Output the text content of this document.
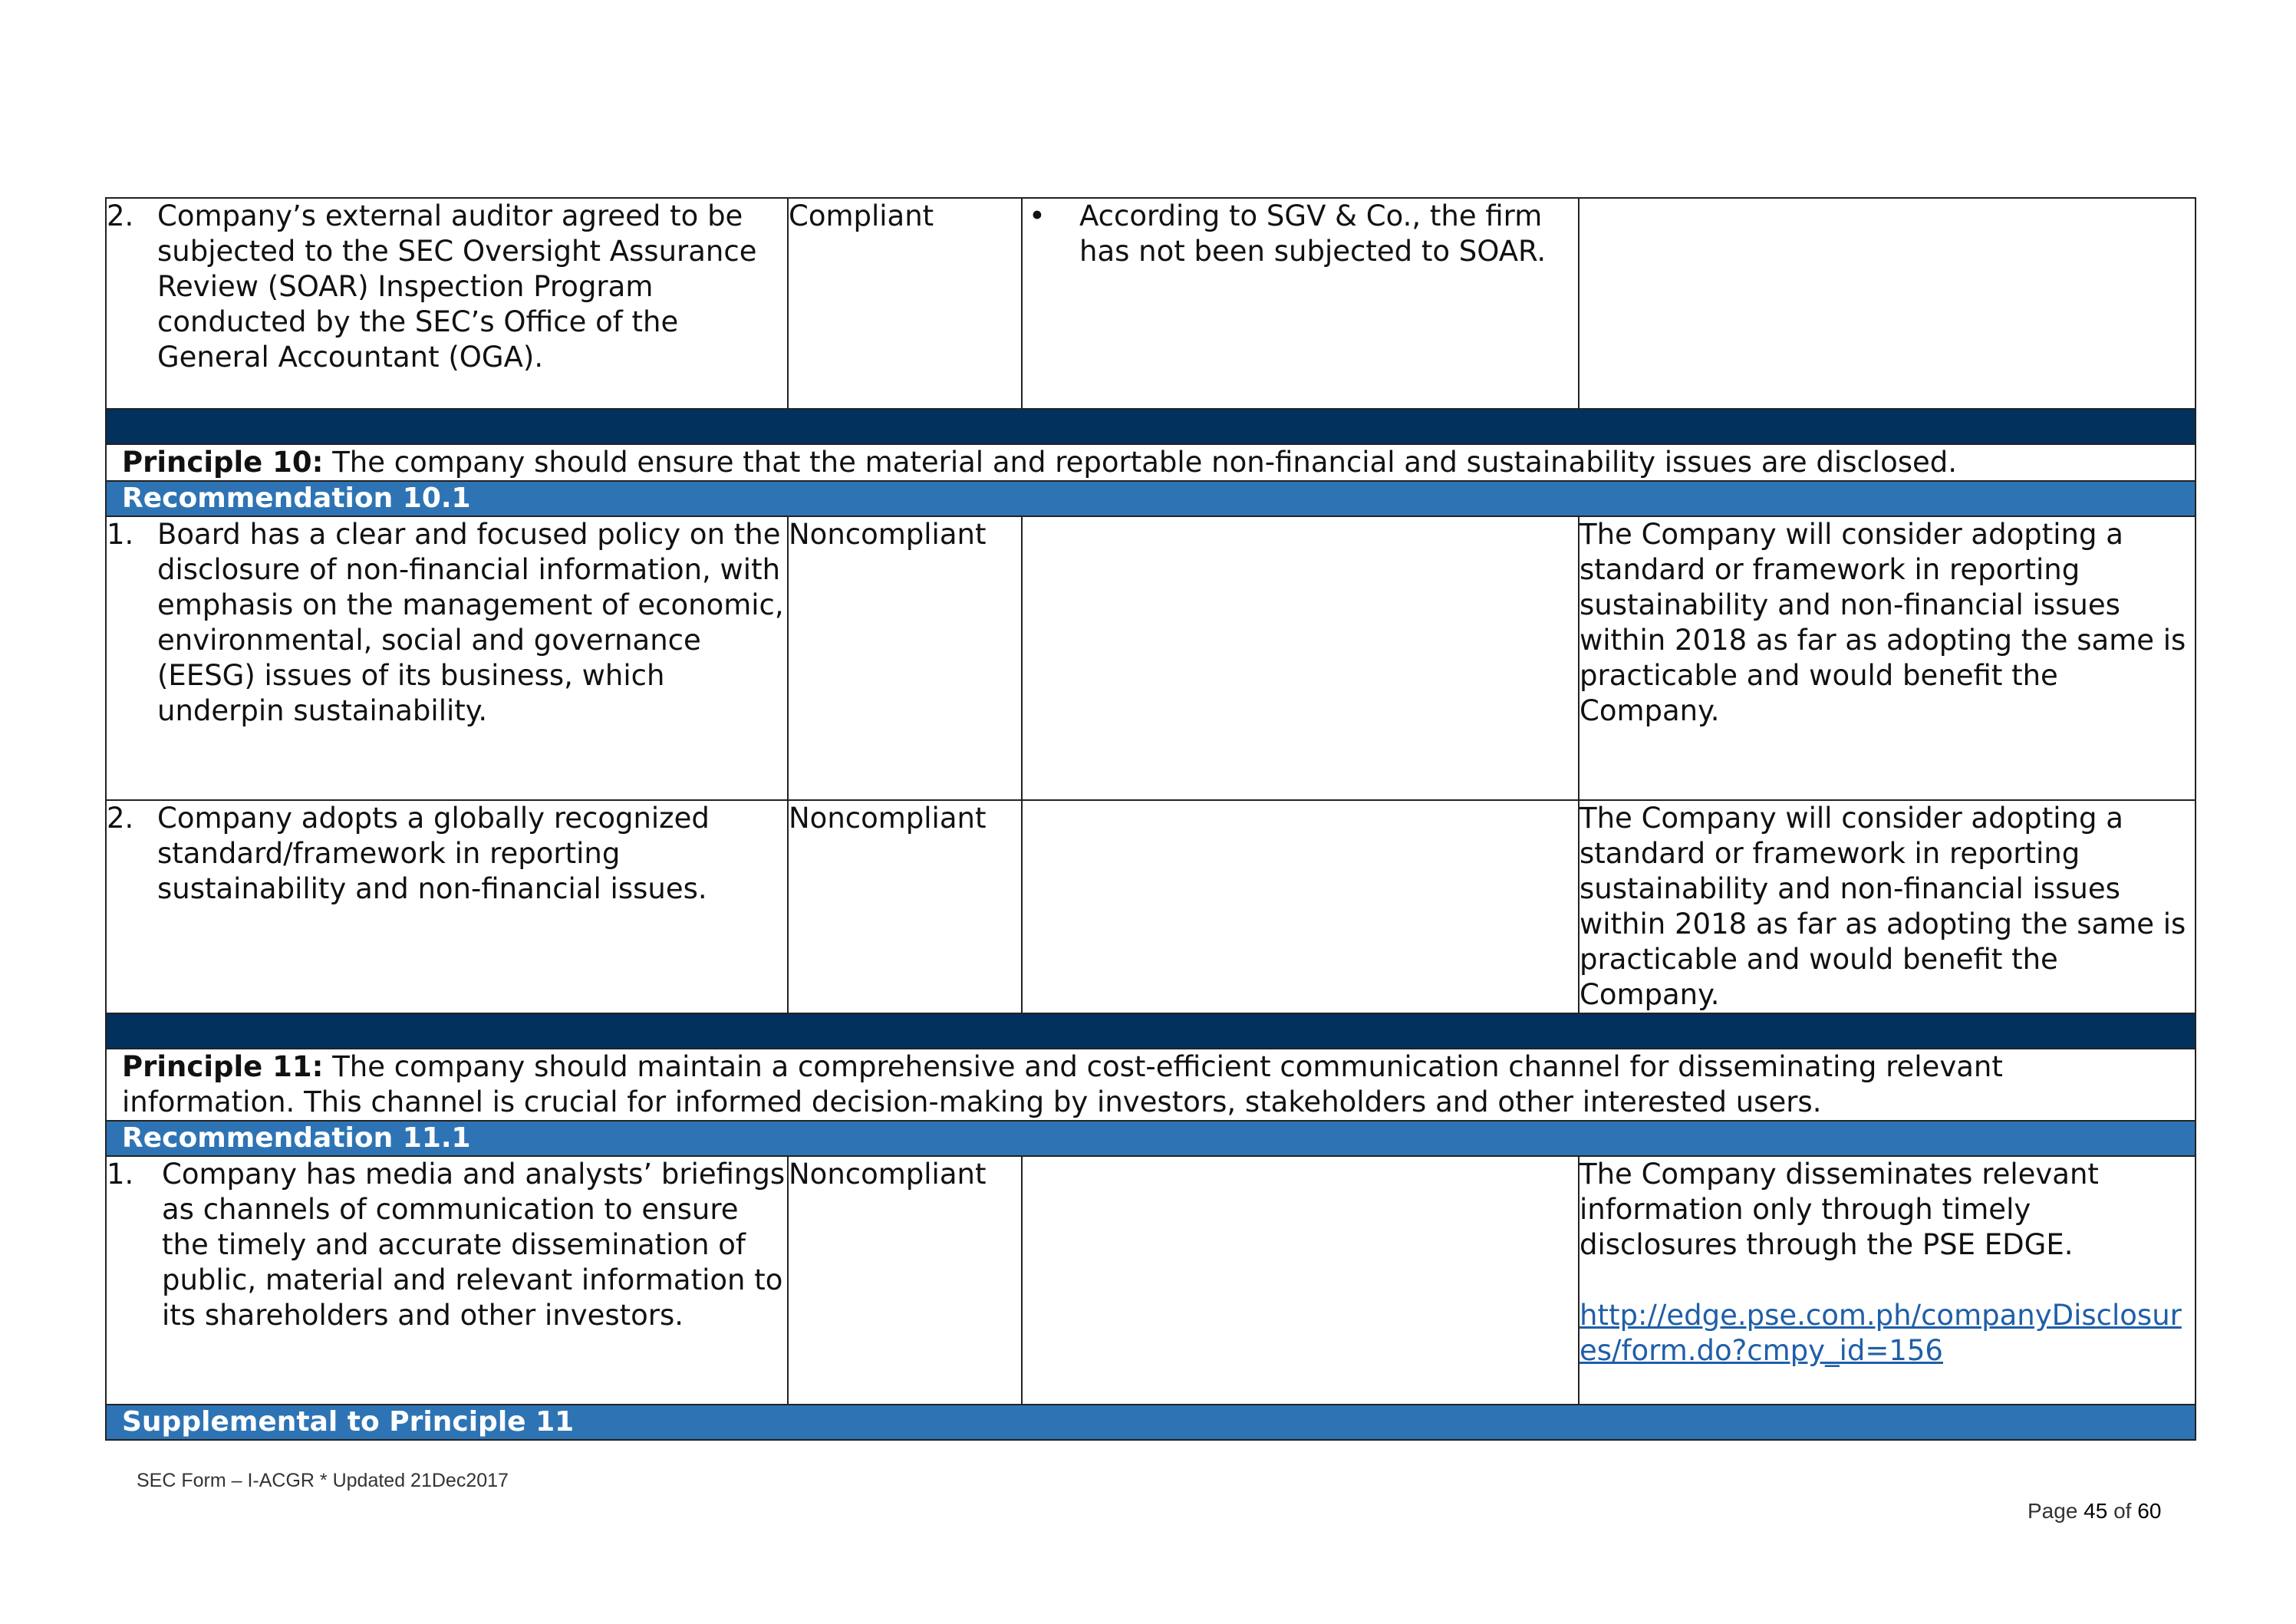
2. Company’s external auditor agreed to be subjected to the SEC Oversight Assurance Review (SOAR) Inspection Program conducted by the SEC’s Office of the General Accountant (OGA).	Compliant	• According to SGV & Co., the firm has not been subjected to SOAR.	

Principle 10: The company should ensure that the material and reportable non-financial and sustainability issues are disclosed.			
Recommendation 10.1			

1. Board has a clear and focused policy on the disclosure of non-financial information, with emphasis on the management of economic, environmental, social and governance (EESG) issues of its business, which underpin sustainability.	Noncompliant		The Company will consider adopting a standard or framework in reporting sustainability and non-financial issues within 2018 as far as adopting the same is practicable and would benefit the Company.

2. Company adopts a globally recognized standard/framework in reporting sustainability and non-financial issues.	Noncompliant		The Company will consider adopting a standard or framework in reporting sustainability and non-financial issues within 2018 as far as adopting the same is practicable and would benefit the Company.

Principle 11: The company should maintain a comprehensive and cost-efficient communication channel for disseminating relevant information. This channel is crucial for informed decision-making by investors, stakeholders and other interested users.			
Recommendation 11.1			

1. Company has media and analysts’ briefings as channels of communication to ensure the timely and accurate dissemination of public, material and relevant information to its shareholders and other investors.	Noncompliant		The Company disseminates relevant information only through timely disclosures through the PSE EDGE.
http://edge.pse.com.ph/companyDisclosures/form.do?cmpy_id=156
Supplemental to Principle 11			
SEC Form – I-ACGR * Updated 21Dec2017
Page 45 of 60
